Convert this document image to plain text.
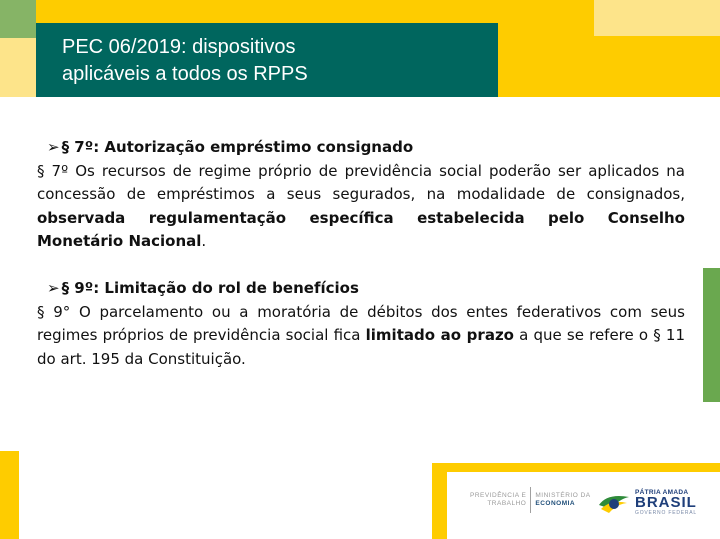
PEC 06/2019: dispositivos
aplicáveis a todos os RPPS
➢ § 7º: Autorização empréstimo consignado
§ 7º Os recursos de regime próprio de previdência social poderão ser aplicados na concessão de empréstimos a seus segurados, na modalidade de consignados, observada regulamentação específica estabelecida pelo Conselho Monetário Nacional.
➢ § 9º: Limitação do rol de benefícios
§ 9° O parcelamento ou a moratória de débitos dos entes federativos com seus regimes próprios de previdência social fica limitado ao prazo a que se refere o § 11 do art. 195 da Constituição.
PREVIDÊNCIA E
TRABALHO
MINISTÉRIO DA
ECONOMIA
PÁTRIA AMADA
BRASIL
GOVERNO FEDERAL
